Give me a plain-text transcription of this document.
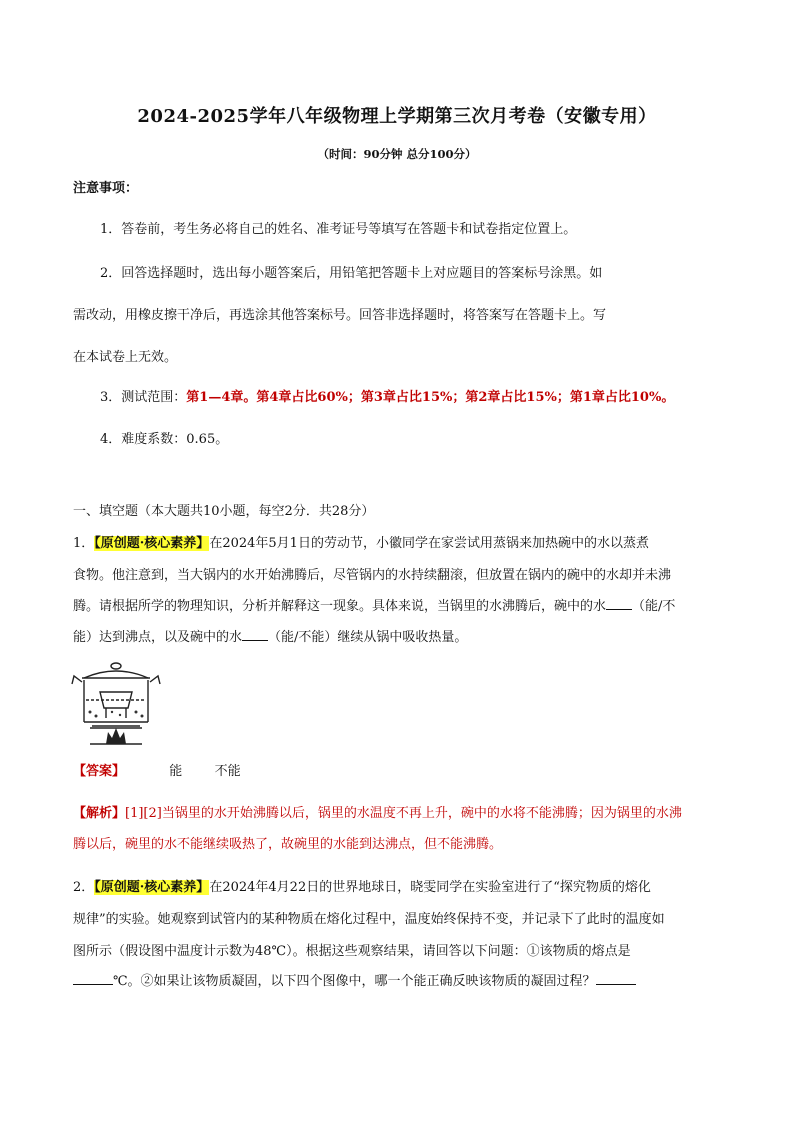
2024-2025学年八年级物理上学期第三次月考卷（安徽专用）
（时间：90分钟 总分100分）
注意事项：
1．答卷前，考生务必将自己的姓名、准考证号等填写在答题卡和试卷指定位置上。
2．回答选择题时，选出每小题答案后，用铅笔把答题卡上对应题目的答案标号涂黑。如
需改动，用橡皮擦干净后，再选涂其他答案标号。回答非选择题时，将答案写在答题卡上。写
在本试卷上无效。
3．测试范围：第1—4章。第4章占比60%；第3章占比15%；第2章占比15%；第1章占比10%。
4．难度系数：0.65。
一、填空题（本大题共10小题，每空2分．共28分）
1．【原创题·核心素养】在2024年5月1日的劳动节，小徽同学在家尝试用蒸锅来加热碗中的水以蒸煮
食物。他注意到，当大锅内的水开始沸腾后，尽管锅内的水持续翻滚，但放置在锅内的碗中的水却并未沸
腾。请根据所学的物理知识，分析并解释这一现象。具体来说，当锅里的水沸腾后，碗中的水 （能/不
能）达到沸点，以及碗中的水 （能/不能）继续从锅中吸收热量。
【答案】	能 不能
【解析】[1][2]当锅里的水开始沸腾以后，锅里的水温度不再上升，碗中的水将不能沸腾；因为锅里的水沸
腾以后，碗里的水不能继续吸热了，故碗里的水能到达沸点，但不能沸腾。
2．【原创题·核心素养】在2024年4月22日的世界地球日，晓雯同学在实验室进行了“探究物质的熔化
规律”的实验。她观察到试管内的某种物质在熔化过程中，温度始终保持不变，并记录下了此时的温度如
图所示（假设图中温度计示数为48℃）。根据这些观察结果，请回答以下问题：①该物质的熔点是
℃。②如果让该物质凝固，以下四个图像中，哪一个能正确反映该物质的凝固过程？
